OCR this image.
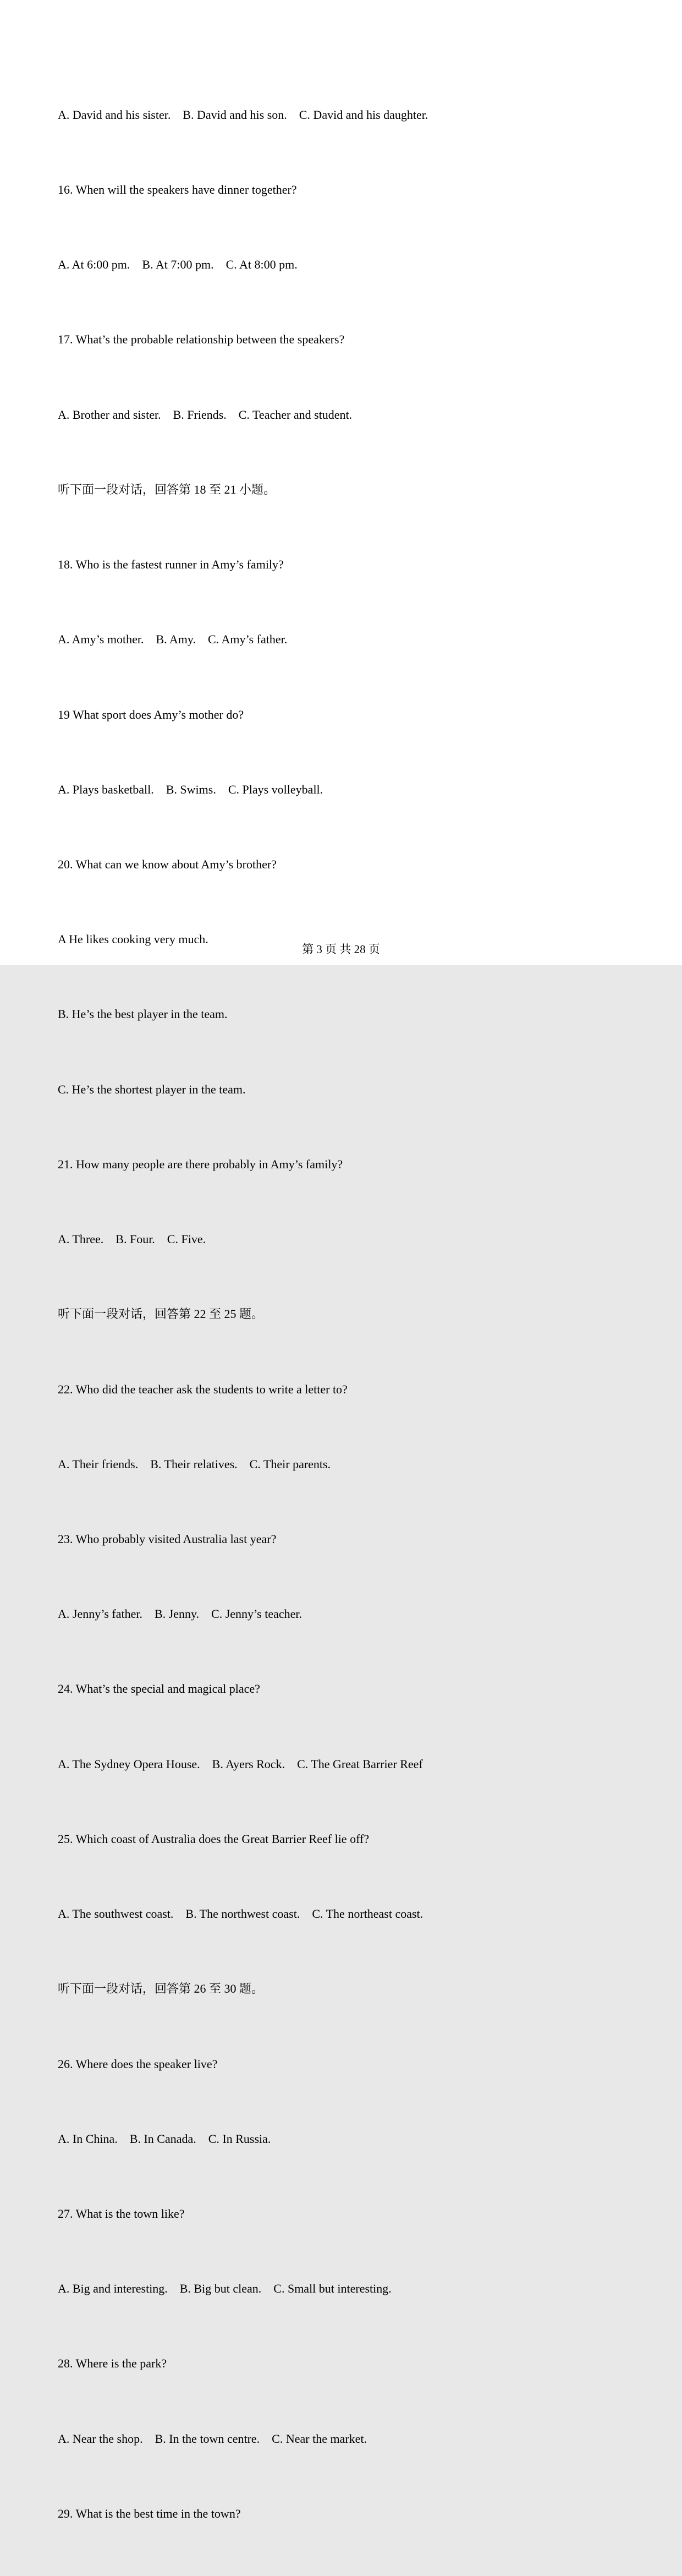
A. David and his sister.    B. David and his son.    C. David and his daughter.

16. When will the speakers have dinner together?

A. At 6:00 pm.    B. At 7:00 pm.    C. At 8:00 pm.

17. What’s the probable relationship between the speakers?

A. Brother and sister.    B. Friends.    C. Teacher and student.

听下面一段对话，回答第 18 至 21 小题。

18. Who is the fastest runner in Amy’s family?

A. Amy’s mother.    B. Amy.    C. Amy’s father.

19 What sport does Amy’s mother do?

A. Plays basketball.    B. Swims.    C. Plays volleyball.

20. What can we know about Amy’s brother?

A He likes cooking very much.

B. He’s the best player in the team.

C. He’s the shortest player in the team.

21. How many people are there probably in Amy’s family?

A. Three.    B. Four.    C. Five.

听下面一段对话，回答第 22 至 25 题。

22. Who did the teacher ask the students to write a letter to?

A. Their friends.    B. Their relatives.    C. Their parents.

23. Who probably visited Australia last year?

A. Jenny’s father.    B. Jenny.    C. Jenny’s teacher.

24. What’s the special and magical place?

A. The Sydney Opera House.    B. Ayers Rock.    C. The Great Barrier Reef

25. Which coast of Australia does the Great Barrier Reef lie off?

A. The southwest coast.    B. The northwest coast.    C. The northeast coast.

听下面一段对话，回答第 26 至 30 题。

26. Where does the speaker live?

A. In China.    B. In Canada.    C. In Russia.

27. What is the town like?

A. Big and interesting.    B. Big but clean.    C. Small but interesting.

28. Where is the park?

A. Near the shop.    B. In the town centre.    C. Near the market.

29. What is the best time in the town?

第 3 页 共 28 页
